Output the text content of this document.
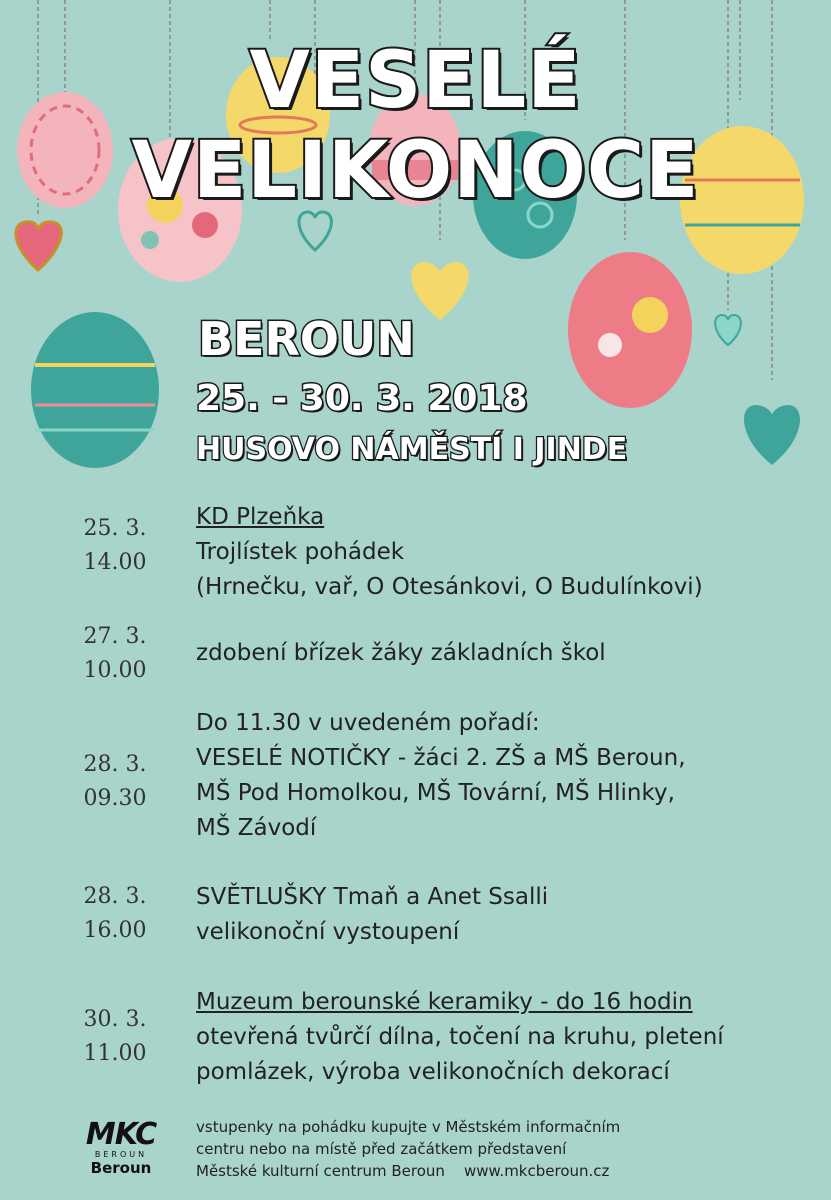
VESELÉ VELIKONOCE
BEROUN
25. - 30. 3. 2018
HUSOVO NÁMĚSTÍ I JINDE
25. 3.
14.00
KD Plzeňka
Trojlístek pohádek
(Hrnečku, vař, O Otesánkovi, O Budulínkovi)
27. 3.
10.00
zdobení břízek žáky základních škol
28. 3.
09.30
Do 11.30 v uvedeném pořadí:
VESELÉ NOTIČKY - žáci 2. ZŠ a MŠ Beroun,
MŠ Pod Homolkou, MŠ Tovární, MŠ Hlinky,
MŠ Závodí
28. 3.
16.00
SVĚTLUŠKY Tmaň a Anet Ssalli
velikonoční vystoupení
30. 3.
11.00
Muzeum berounské keramiky - do 16 hodin
otevřená tvůrčí dílna, točení na kruhu, pletení
pomlázek, výroba velikonočních dekorací
MKC
BEROUN
Beroun
vstupenky na pohádku kupujte v Městském informačním
centru nebo na místě před začátkem představení
Městské kulturní centrum Beroun    www.mkcberoun.cz
